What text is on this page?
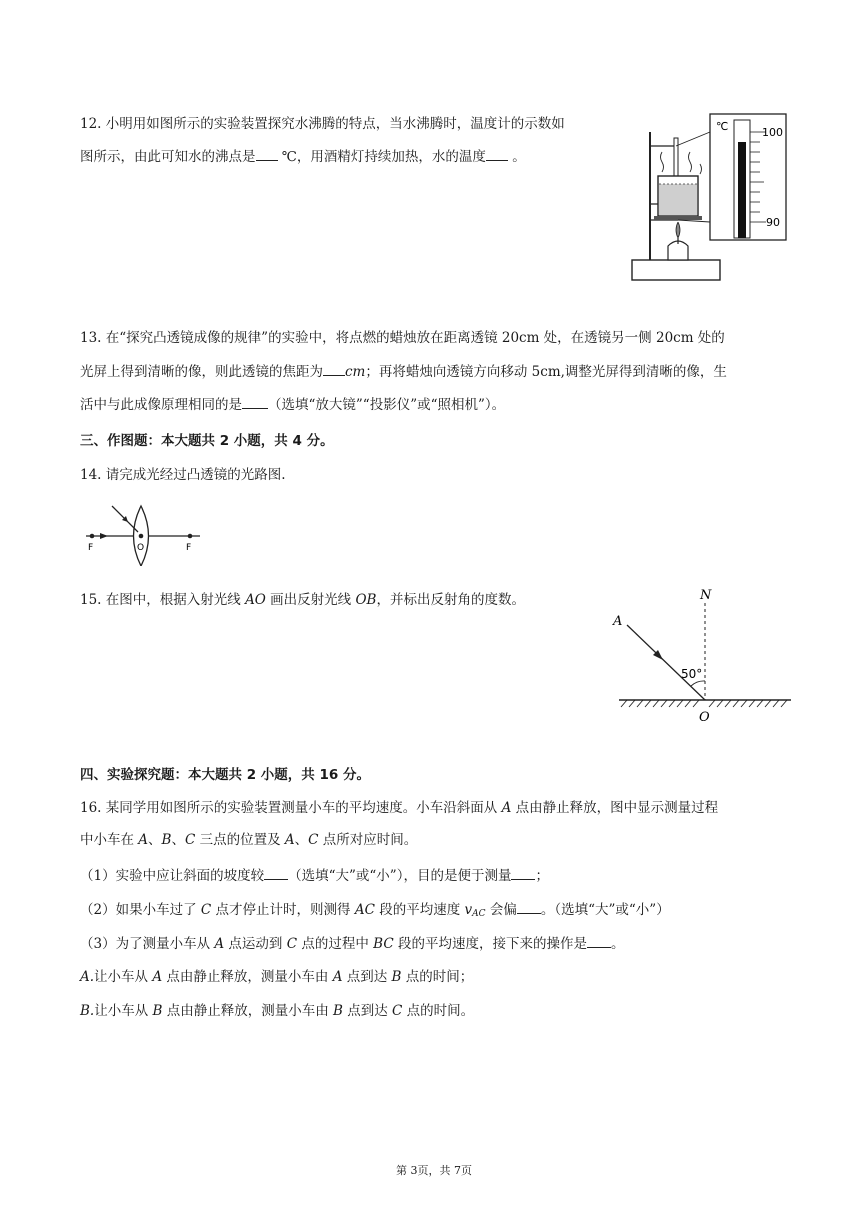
12. 小明用如图所示的实验装置探究水沸腾的特点，当水沸腾时，温度计的示数如
图所示，由此可知水的沸点是 ℃，用酒精灯持续加热，水的温度 。
℃	100
90
13. 在“探究凸透镜成像的规律”的实验中，将点燃的蜡烛放在距离透镜 20cm 处，在透镜另一侧 20cm 处的
光屏上得到清晰的像，则此透镜的焦距为 cm；再将蜡烛向透镜方向移动 5cm,调整光屏得到清晰的像，生
活中与此成像原理相同的是 （选填“放大镜”“投影仪”或“照相机”）。
三、作图题：本大题共 2 小题，共 4 分。
14. 请完成光经过凸透镜的光路图.
F	O	F
15. 在图中，根据入射光线 AO 画出反射光线 OB，并标出反射角的度数。	N
A
50°
O
四、实验探究题：本大题共 2 小题，共 16 分。
16. 某同学用如图所示的实验装置测量小车的平均速度。小车沿斜面从 A 点由静止释放，图中显示测量过程
中小车在 A、B、C 三点的位置及 A、C 点所对应时间。
（1）实验中应让斜面的坡度较 （选填“大”或“小”），目的是便于测量 ；
（2）如果小车过了 C 点才停止计时，则测得 AC 段的平均速度 $v_{AC}$ 会偏 。（选填“大”或“小”）
（3）为了测量小车从 A 点运动到 C 点的过程中 BC 段的平均速度，接下来的操作是 。
A.让小车从 A 点由静止释放，测量小车由 A 点到达 B 点的时间；
B.让小车从 B 点由静止释放，测量小车由 B 点到达 C 点的时间。
第 3页，共 7页
